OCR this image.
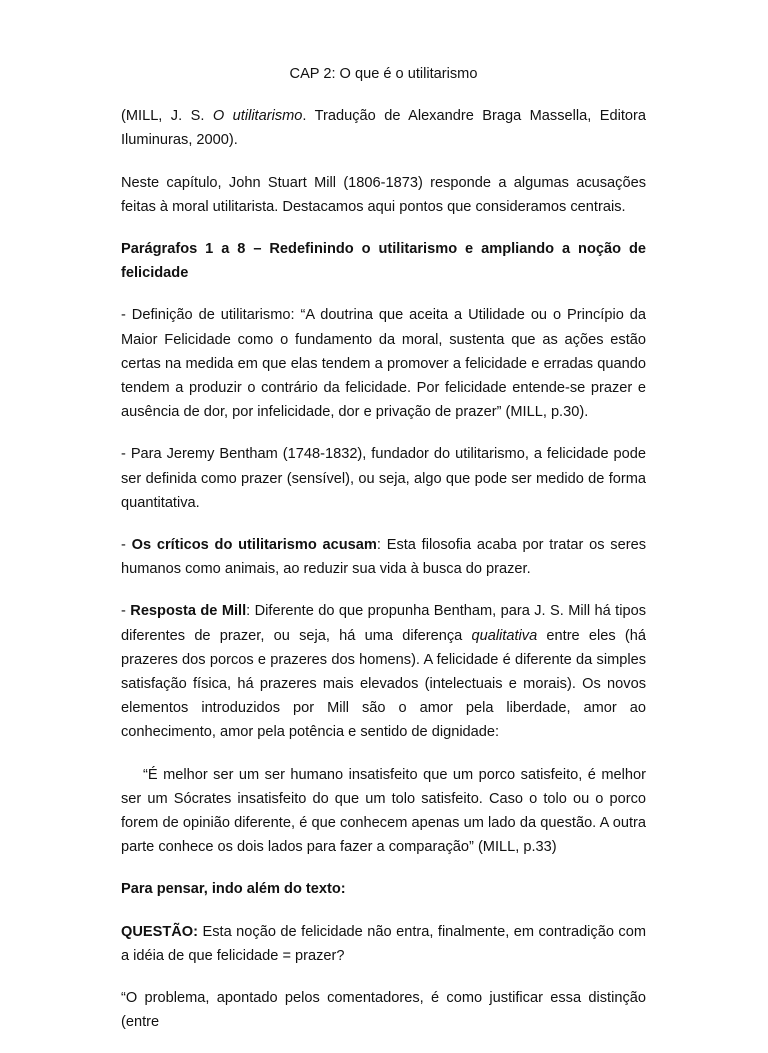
CAP 2: O que é o utilitarismo

(MILL, J. S. O utilitarismo. Tradução de Alexandre Braga Massella, Editora Iluminuras, 2000).

Neste capítulo, John Stuart Mill (1806-1873) responde a algumas acusações feitas à moral utilitarista. Destacamos aqui pontos que consideramos centrais.

Parágrafos 1 a 8 – Redefinindo o utilitarismo e ampliando a noção de felicidade

- Definição de utilitarismo: “A doutrina que aceita a Utilidade ou o Princípio da Maior Felicidade como o fundamento da moral, sustenta que as ações estão certas na medida em que elas tendem a promover a felicidade e erradas quando tendem a produzir o contrário da felicidade. Por felicidade entende-se prazer e ausência de dor, por infelicidade, dor e privação de prazer” (MILL, p.30).

- Para Jeremy Bentham (1748-1832), fundador do utilitarismo, a felicidade pode ser definida como prazer (sensível), ou seja, algo que pode ser medido de forma quantitativa.

- Os críticos do utilitarismo acusam: Esta filosofia acaba por tratar os seres humanos como animais, ao reduzir sua vida à busca do prazer.

- Resposta de Mill: Diferente do que propunha Bentham, para J. S. Mill há tipos diferentes de prazer, ou seja, há uma diferença qualitativa entre eles (há prazeres dos porcos e prazeres dos homens). A felicidade é diferente da simples satisfação física, há prazeres mais elevados (intelectuais e morais). Os novos elementos introduzidos por Mill são o amor pela liberdade, amor ao conhecimento, amor pela potência e sentido de dignidade:

“É melhor ser um ser humano insatisfeito que um porco satisfeito, é melhor ser um Sócrates insatisfeito do que um tolo satisfeito. Caso o tolo ou o porco forem de opinião diferente, é que conhecem apenas um lado da questão. A outra parte conhece os dois lados para fazer a comparação” (MILL, p.33)

Para pensar, indo além do texto:

QUESTÃO: Esta noção de felicidade não entra, finalmente, em contradição com a idéia de que felicidade = prazer?

“O problema, apontado pelos comentadores, é como justificar essa distinção (entre
